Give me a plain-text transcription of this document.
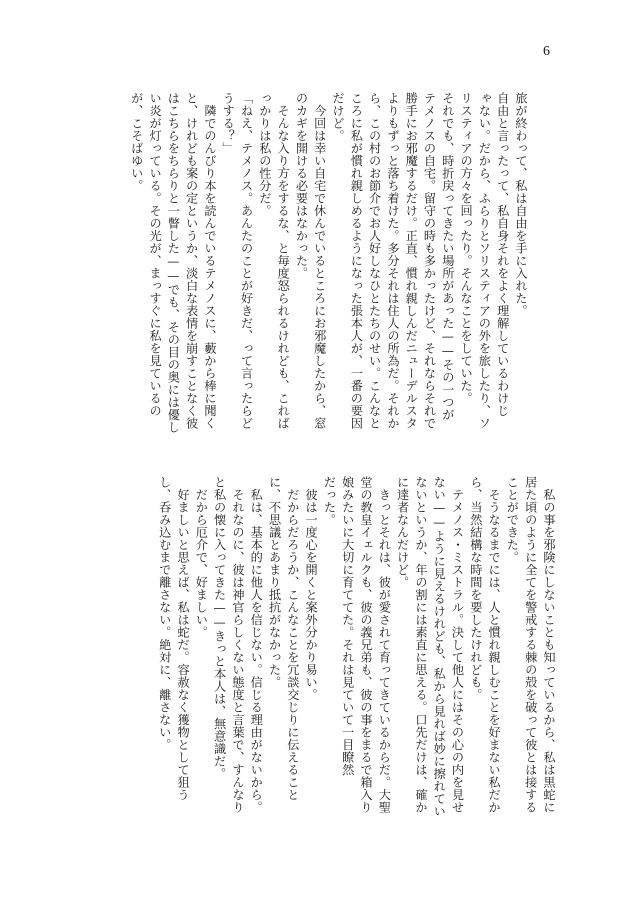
6

旅が終わって、私は自由を手に入れた。

自由と言ったって、私自身それをよく理解しているわけじ

ゃない。だから、ふらりとソリスティアの外を旅したり、ソ

リスティアの方々を回ったり。そんなことをしていた。

それでも、時折戻ってきたい場所があった——その一つが

テメノスの自宅。留守の時も多かったけど、それならそれで

勝手にお邪魔するだけ。正直、慣れ親しんだニューデルスタ

よりもずっと落ち着けた。多分それは住人の所為だ。それか

ら、この村のお節介でお人好しなひとたちのせい。こんなと

ころに私が慣れ親しめるようになった張本人が、一番の要因

だけど。

　今回は幸い自宅で休んでいるところにお邪魔したから、窓

のカギを開ける必要はなかった。

　そんな入り方をするな、と毎度怒られるけれども、これば

っかりは私の性分だ。

「ねえ、テメノス。あんたのことが好きだ、って言ったらど

うする？」

　隣でのんびり本を読んでいるテメノスに、藪から棒に聞く

と、けれども案の定というか、淡白な表情を崩すことなく彼

はこちらをちらりと一瞥した——でも、その目の奥には優し

い炎が灯っている。その光が、まっすぐに私を見ているの

が、こそばゆい。

　私の事を邪険にしないことも知っているから、私は黒蛇に

居た頃のように全てを警戒する棘の殻を破って彼とは接する

ことができた。

　そうなるまでには、人と慣れ親しむことを好まない私だか

ら、当然結構な時間を要したけれども。

　テメノス・ミストラル。決して他人にはその心の内を見せ

ない——ように見えるけれども、私から見れば妙に擦れてい

ないというか、年の割には素直に思える。口先だけは、確か

に達者なんだけど。

　きっとそれは、彼が愛されて育ってきているからだ。大聖

堂の教皇イェルクも、彼の義兄弟も、彼の事をまるで箱入り

娘みたいに大切に育ててた。それは見ていて一目瞭然

だった。

　彼は一度心を開くと案外分かり易い。

　だからだろうか、こんなことを冗談交じりに伝えること

に、不思議とあまり抵抗がなかった。

　私は、基本的に他人を信じない。信じる理由がないから。

　それなのに、彼は神官らしくない態度と言葉で、すんなり

と私の懐に入ってきた——きっと本人は、無意識だ。

　だから厄介で、好ましい。

　好ましいと思えば、私は蛇だ。容赦なく獲物として狙う

し、呑み込むまで離さない。絶対に、離さない。
